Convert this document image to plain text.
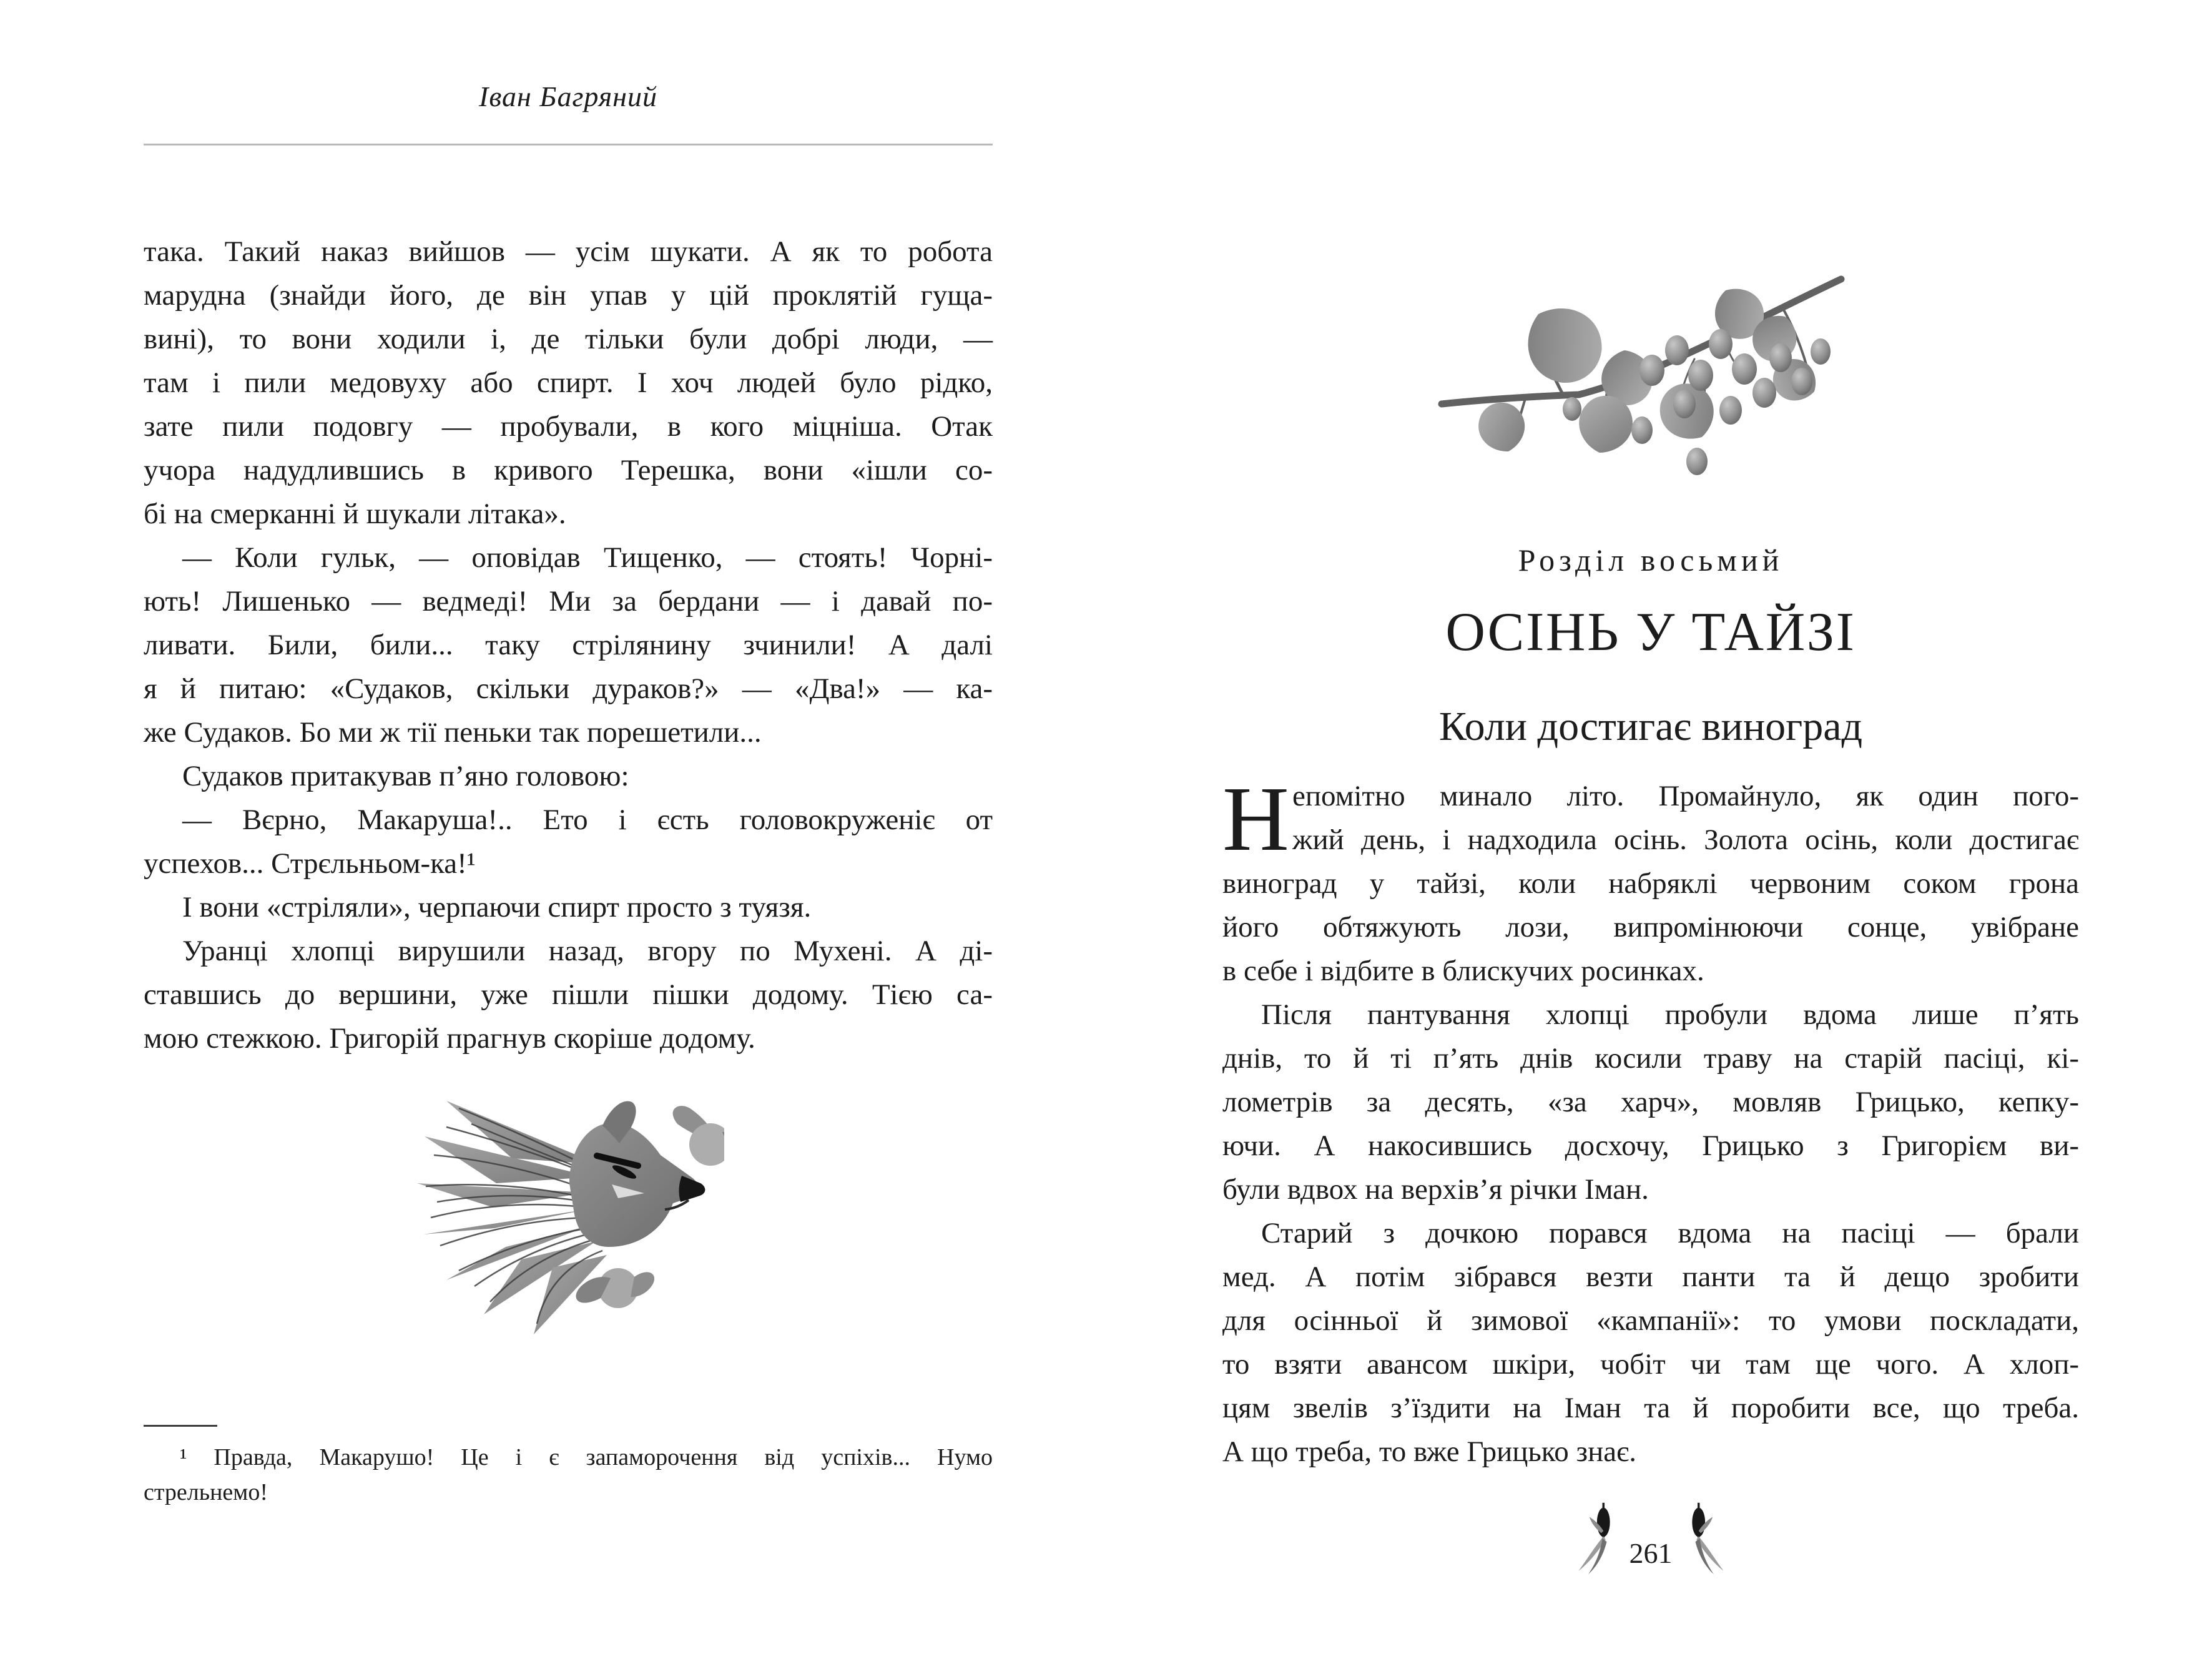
Іван Багряний
така. Такий наказ вийшов — усім шукати. А як то робота
марудна (знайди його, де він упав у цій проклятій гуща-
вині), то вони ходили і, де тільки були добрі люди, —
там і пили медовуху або спирт. І хоч людей було рідко,
зате пили подовгу — пробували, в кого міцніша. Отак
учора надудлившись в кривого Терешка, вони «ішли со-
бі на смерканні й шукали літака».
— Коли гульк, — оповідав Тищенко, — стоять! Чорні-
ють! Лишенько — ведмеді! Ми за бердани — і давай по-
ливати. Били, били... таку стрілянину зчинили! А далі
я й питаю: «Судаков, скільки дураков?» — «Два!» — ка-
же Судаков. Бо ми ж тії пеньки так порешетили...
Судаков притакував п’яно головою:
— Вєрно, Макаруша!.. Ето і єсть головокруженіє от
успехов... Стрєльньом-ка!¹
І вони «стріляли», черпаючи спирт просто з туязя.
Уранці хлопці вирушили назад, вгору по Мухені. А ді-
ставшись до вершини, уже пішли пішки додому. Тією са-
мою стежкою. Григорій прагнув скоріше додому.
¹ Правда, Макарушо! Це і є запаморочення від успіхів... Нумо
стрельнемо!
Розділ восьмий
ОСІНЬ У ТАЙЗІ
Коли достигає виноград
Н епомітно минало літо. Промайнуло, як один пого-
жий день, і надходила осінь. Золота осінь, коли достигає
виноград у тайзі, коли набряклі червоним соком грона
його обтяжують лози, випромінюючи сонце, увібране
в себе і відбите в блискучих росинках.
Після пантування хлопці пробули вдома лише п’ять
днів, то й ті п’ять днів косили траву на старій пасіці, кі-
лометрів за десять, «за харч», мовляв Грицько, кепку-
ючи. А накосившись досхочу, Грицько з Григорієм ви-
були вдвох на верхів’я річки Іман.
Старий з дочкою порався вдома на пасіці — брали
мед. А потім зібрався везти панти та й дещо зробити
для осінньої й зимової «кампанії»: то умови поскладати,
то взяти авансом шкіри, чобіт чи там ще чого. А хлоп-
цям звелів з’їздити на Іман та й поробити все, що треба.
А що треба, то вже Грицько знає.
261
